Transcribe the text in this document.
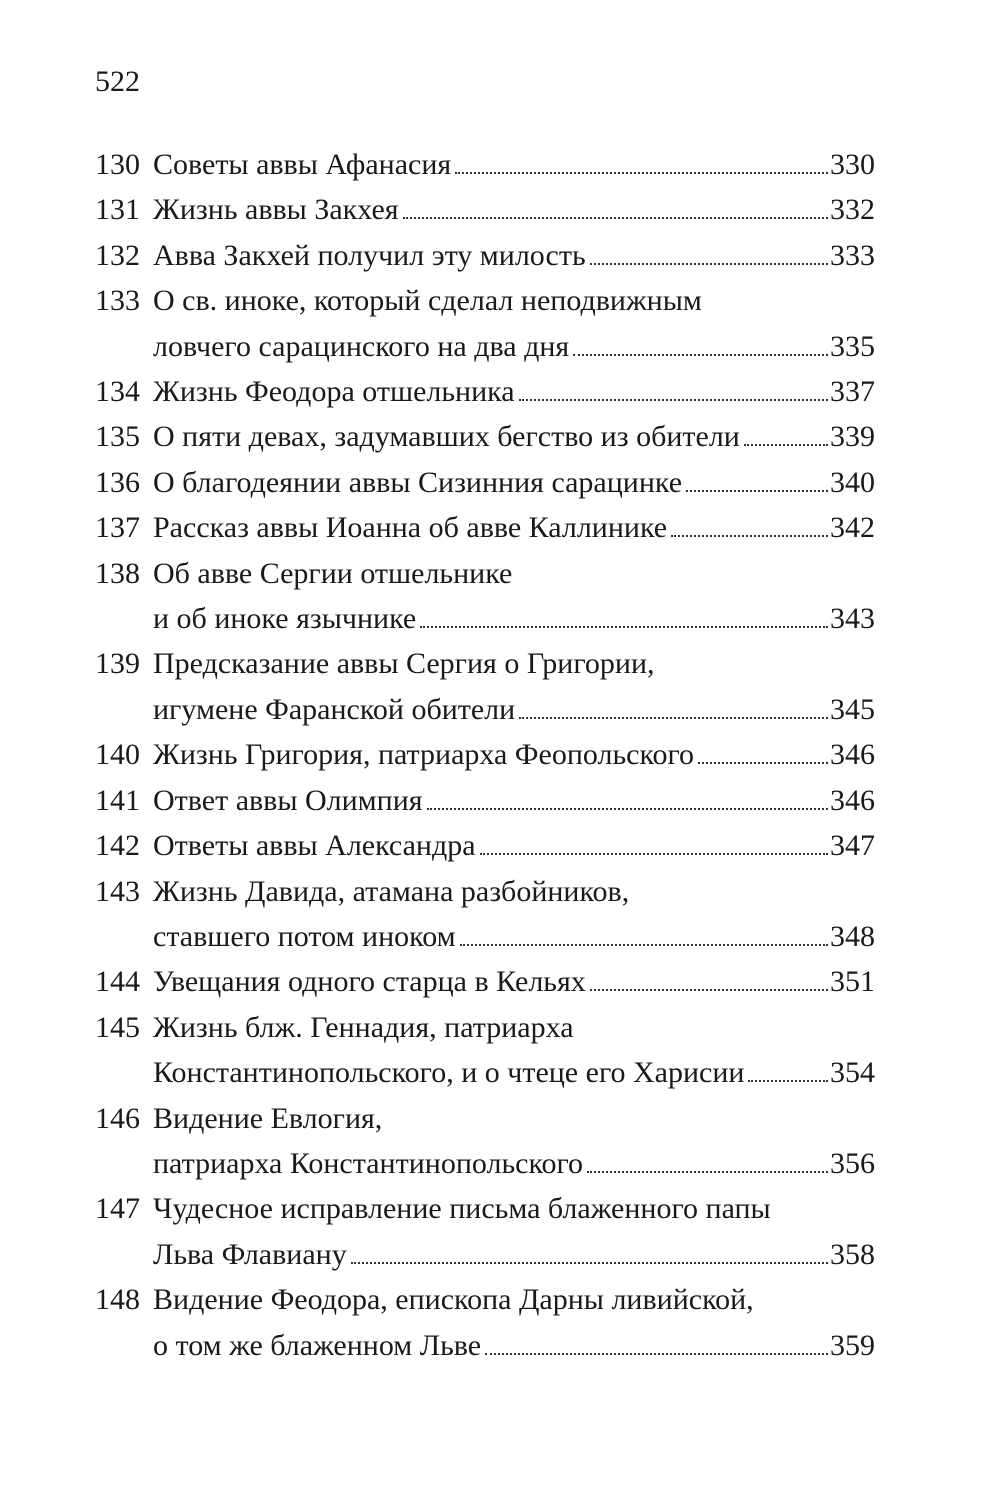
522
130 Советы аввы Афанасия	330
131 Жизнь аввы Закхея	332
132 Авва Закхей получил эту милость	333
133 О св. иноке, который сделал неподвижным
ловчего сарацинского на два дня	335
134 Жизнь Феодора отшельника	337
135 О пяти девах, задумавших бегство из обители	339
136 О благодеянии аввы Сизинния сарацинке	340
137 Рассказ аввы Иоанна об авве Каллинике	342
138 Об авве Сергии отшельнике
и об иноке язычнике	343
139 Предсказание аввы Сергия о Григории,
игумене Фаранской обители	345
140 Жизнь Григория, патриарха Феопольского	346
141 Ответ аввы Олимпия	346
142 Ответы аввы Александра	347
143 Жизнь Давида, атамана разбойников,
ставшего потом иноком	348
144 Увещания одного старца в Кельях	351
145 Жизнь блж. Геннадия, патриарха
Константинопольского, и о чтеце его Харисии	354
146 Видение Евлогия,
патриарха Константинопольского	356
147 Чудесное исправление письма блаженного папы
Льва Флавиану	358
148 Видение Феодора, епископа Дарны ливийской,
о том же блаженном Льве	359
